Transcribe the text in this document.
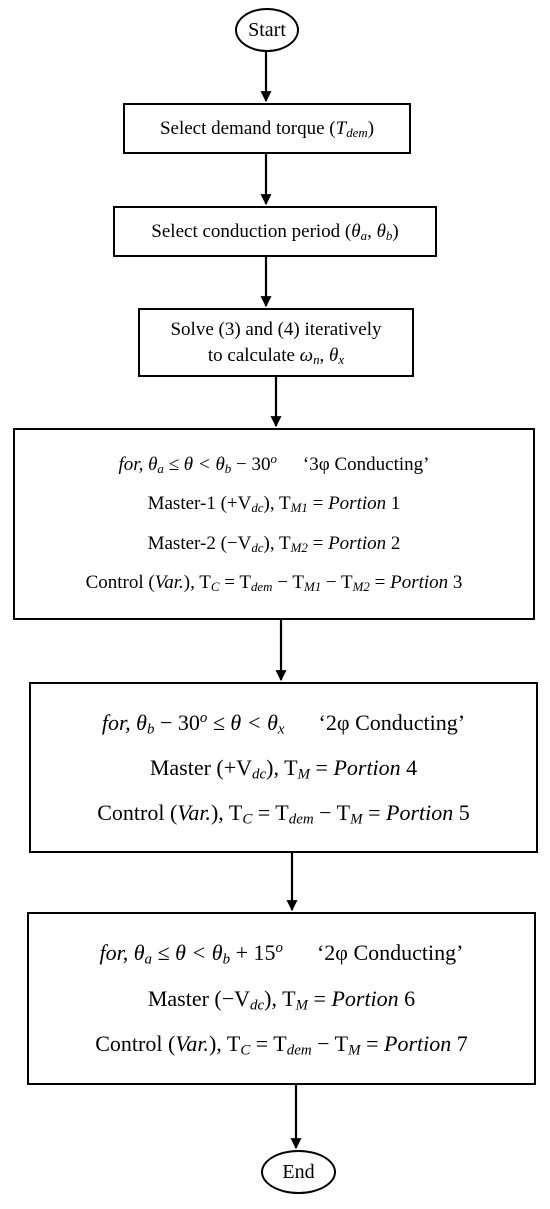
Start
Select demand torque $(T_{dem})$
Select conduction period ($\theta_a$, $\theta_b$)
Solve (3) and (4) iteratively
to calculate $\omega_n$, $\theta_x$
for, $\theta_a \le \theta < \theta_b - 30^o$ ‘3φ Conducting’
Master-1 $(+V_{dc})$, $T_{M1}$ = Portion 1
Master-2 $(-V_{dc})$, $T_{M2}$ = Portion 2
Control (Var.), $T_C = T_{dem} - T_{M1} - T_{M2}$ = Portion 3
for, $\theta_b - 30^o \le \theta < \theta_x$ ‘2φ Conducting’
Master $(+V_{dc})$, $T_M$ = Portion 4
Control (Var.), $T_C = T_{dem} - T_M$ = Portion 5
for, $\theta_a \le \theta < \theta_b + 15^o$ ‘2φ Conducting’
Master $(-V_{dc})$, $T_M$ = Portion 6
Control (Var.), $T_C = T_{dem} - T_M$ = Portion 7
End
